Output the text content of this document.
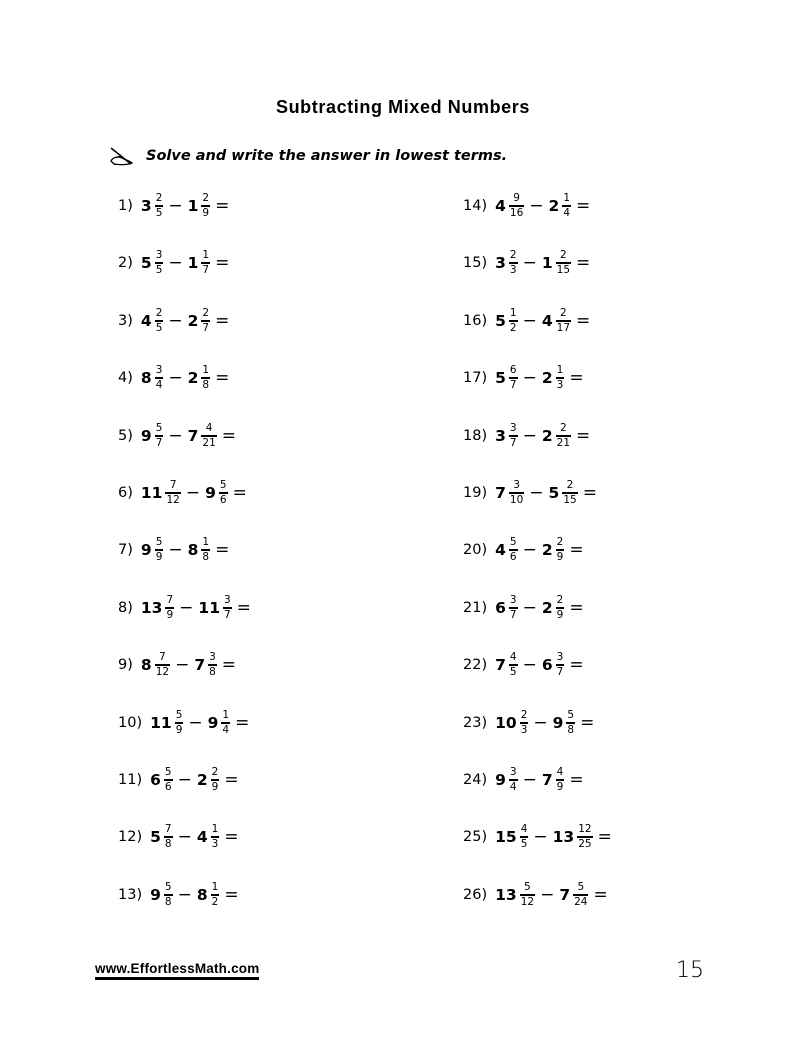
Subtracting Mixed Numbers
Solve and write the answer in lowest terms.
1) $3 \frac{2}{5} - 1 \frac{2}{9}$ =
2) $5 \frac{3}{5} - 1 \frac{1}{7}$ =
3) $4 \frac{2}{5} - 2 \frac{2}{7}$ =
4) $8 \frac{3}{4} - 2 \frac{1}{8}$ =
5) $9 \frac{5}{7} - 7 \frac{4}{21}$ =
6) $11 \frac{7}{12} - 9 \frac{5}{6}$ =
7) $9 \frac{5}{9} - 8 \frac{1}{8}$ =
8) $13 \frac{7}{9} - 11 \frac{3}{7}$ =
9) $8 \frac{7}{12} - 7 \frac{3}{8}$ =
10) $11 \frac{5}{9} - 9 \frac{1}{4}$ =
11) $6 \frac{5}{6} - 2 \frac{2}{9}$ =
12) $5 \frac{7}{8} - 4 \frac{1}{3}$ =
13) $9 \frac{5}{8} - 8 \frac{1}{2}$ =
14) $4 \frac{9}{16} - 2 \frac{1}{4}$ =
15) $3 \frac{2}{3} - 1 \frac{2}{15}$ =
16) $5 \frac{1}{2} - 4 \frac{2}{17}$ =
17) $5 \frac{6}{7} - 2 \frac{1}{3}$ =
18) $3 \frac{3}{7} - 2 \frac{2}{21}$ =
19) $7 \frac{3}{10} - 5 \frac{2}{15}$ =
20) $4 \frac{5}{6} - 2 \frac{2}{9}$ =
21) $6 \frac{3}{7} - 2 \frac{2}{9}$ =
22) $7 \frac{4}{5} - 6 \frac{3}{7}$ =
23) $10 \frac{2}{3} - 9 \frac{5}{8}$ =
24) $9 \frac{3}{4} - 7 \frac{4}{9}$ =
25) $15 \frac{4}{5} - 13 \frac{12}{25}$ =
26) $13 \frac{5}{12} - 7 \frac{5}{24}$ =
www.EffortlessMath.com	15
